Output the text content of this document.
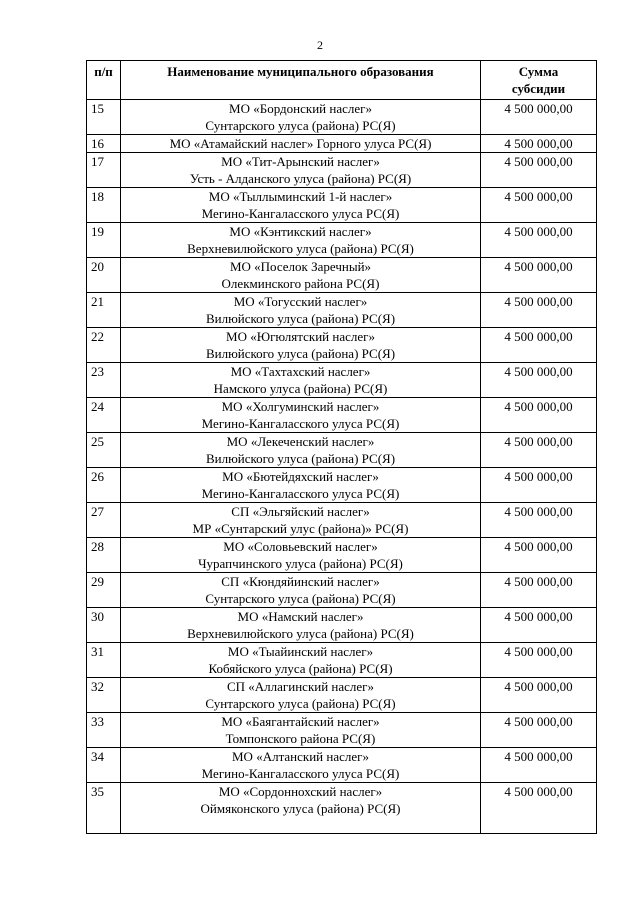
2
п/п	Наименование муниципального образования	Сумма
субсидии

15	МО «Бордонский наслег»
Сунтарского улуса (района) РС(Я)	4 500 000,00
16	МО «Атамайский наслег» Горного улуса РС(Я)	4 500 000,00
17	МО «Тит-Арынский наслег»
Усть - Алданского улуса (района) РС(Я)	4 500 000,00
18	МО «Тыллыминский 1-й наслег»
Мегино-Кангаласского улуса РС(Я)	4 500 000,00
19	МО «Кэнтикский наслег»
Верхневилюйского улуса (района) РС(Я)	4 500 000,00
20	МО «Поселок Заречный»
Олекминского района РС(Я)	4 500 000,00
21	МО «Тогусский наслег»
Вилюйского улуса (района) РС(Я)	4 500 000,00
22	МО «Югюлятский наслег»
Вилюйского улуса (района) РС(Я)	4 500 000,00
23	МО «Тахтахский наслег»
Намского улуса (района) РС(Я)	4 500 000,00
24	МО «Холгуминский наслег»
Мегино-Кангаласского улуса РС(Я)	4 500 000,00
25	МО «Лекеченский наслег»
Вилюйского улуса (района) РС(Я)	4 500 000,00
26	МО «Бютейдяхский наслег»
Мегино-Кангаласского улуса РС(Я)	4 500 000,00
27	СП «Эльгяйский наслег»
МР «Сунтарский улус (района)» РС(Я)	4 500 000,00
28	МО «Соловьевский наслег»
Чурапчинского улуса (района) РС(Я)	4 500 000,00
29	СП «Кюндяйинский наслег»
Сунтарского улуса (района) РС(Я)	4 500 000,00
30	МО «Намский наслег»
Верхневилюйского улуса (района) РС(Я)	4 500 000,00
31	МО «Тыайинский наслег»
Кобяйского улуса (района) РС(Я)	4 500 000,00
32	СП «Аллагинский наслег»
Сунтарского улуса (района) РС(Я)	4 500 000,00
33	МО «Баягантайский наслег»
Томпонского района РС(Я)	4 500 000,00
34	МО «Алтанский наслег»
Мегино-Кангаласского улуса РС(Я)	4 500 000,00
35	МО «Сордоннохский наслег»
Оймяконского улуса (района) РС(Я)	4 500 000,00
